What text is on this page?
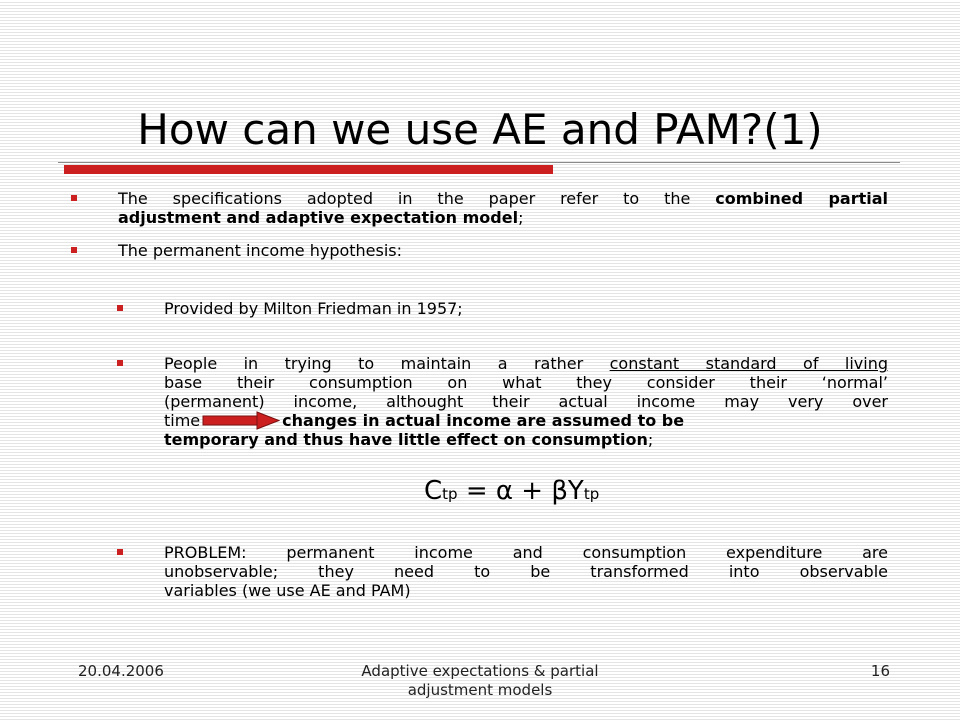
How can we use AE and PAM?(1)
The specifications adopted in the paper refer to the combined partial
adjustment and adaptive expectation model;
The permanent income hypothesis:
Provided by Milton Friedman in 1957;
People in trying to maintain a rather constant standard of living
base their consumption on what they consider their ‘normal’
(permanent) income, althought their actual income may very over
time	changes in actual income are assumed to be
temporary and thus have little effect on consumption;
Ctp = α + βYtp
PROBLEM: permanent income and consumption expenditure are
unobservable; they need to be transformed into observable
variables (we use AE and PAM)
20.04.2006	Adaptive expectations & partial
adjustment models
16
